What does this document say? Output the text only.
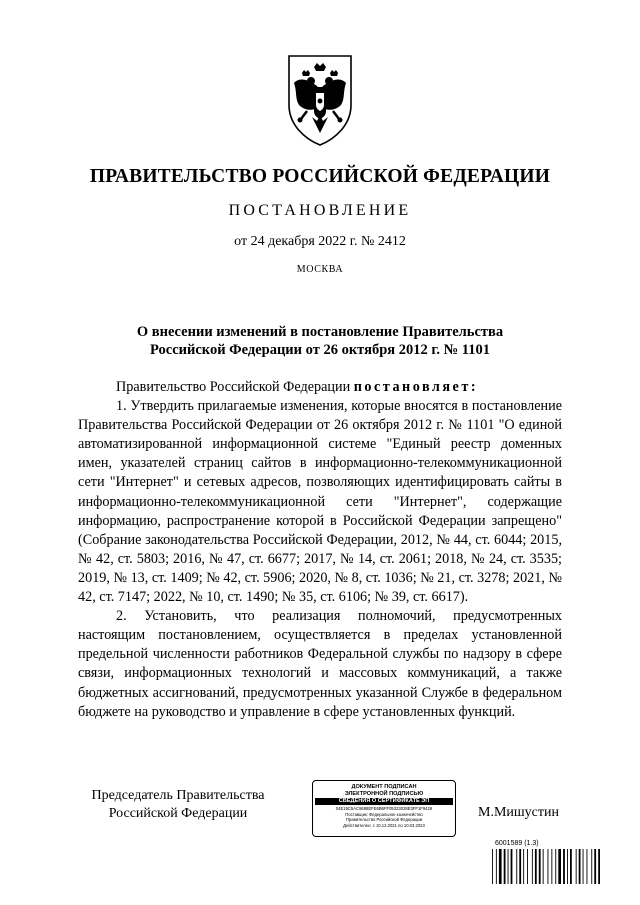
ПРАВИТЕЛЬСТВО РОССИЙСКОЙ ФЕДЕРАЦИИ
ПОСТАНОВЛЕНИЕ
от 24 декабря 2022 г. № 2412
МОСКВА
О внесении изменений в постановление Правительства
Российской Федерации от 26 октября 2012 г. № 1101

Правительство Российской Федерации постановляет:

1. Утвердить прилагаемые изменения, которые вносятся в постановление Правительства Российской Федерации от 26 октября 2012 г. № 1101 "О единой автоматизированной информационной системе "Единый реестр доменных имен, указателей страниц сайтов в информационно-телекоммуникационной сети "Интернет" и сетевых адресов, позволяющих идентифицировать сайты в информационно-телекоммуникационной сети "Интернет", содержащие информацию, распространение которой в Российской Федерации запрещено" (Собрание законодательства Российской Федерации, 2012, № 44, ст. 6044; 2015, № 42, ст. 5803; 2016, № 47, ст. 6677; 2017, № 14, ст. 2061; 2018, № 24, ст. 3535; 2019, № 13, ст. 1409; № 42, ст. 5906; 2020, № 8, ст. 1036; № 21, ст. 3278; 2021, № 42, ст. 7147; 2022, № 10, ст. 1490; № 35, ст. 6106; № 39, ст. 6617).

2. Установить, что реализация полномочий, предусмотренных настоящим постановлением, осуществляется в пределах установленной предельной численности работников Федеральной службы по надзору в сфере связи, информационных технологий и массовых коммуникаций, а также бюджетных ассигнований, предусмотренных указанной Службе в федеральном бюджете на руководство и управление в сфере установленных функций.

Председатель Правительства
Российской Федерации
ДОКУМЕНТ ПОДПИСАН
ЭЛЕКТРОННОЙ ПОДПИСЬЮ
СВЕДЕНИЯ О СЕРТИФИКАТЕ ЭП
04E15C5AC9688EFE6B6FF05323028E3FF1F9426
Поставщик: Федеральное казначейство
Правительство Российской Федерации
Действителен: с 10.12.2021 по 10.03.2023
М.Мишустин
6001589 (1.3)
